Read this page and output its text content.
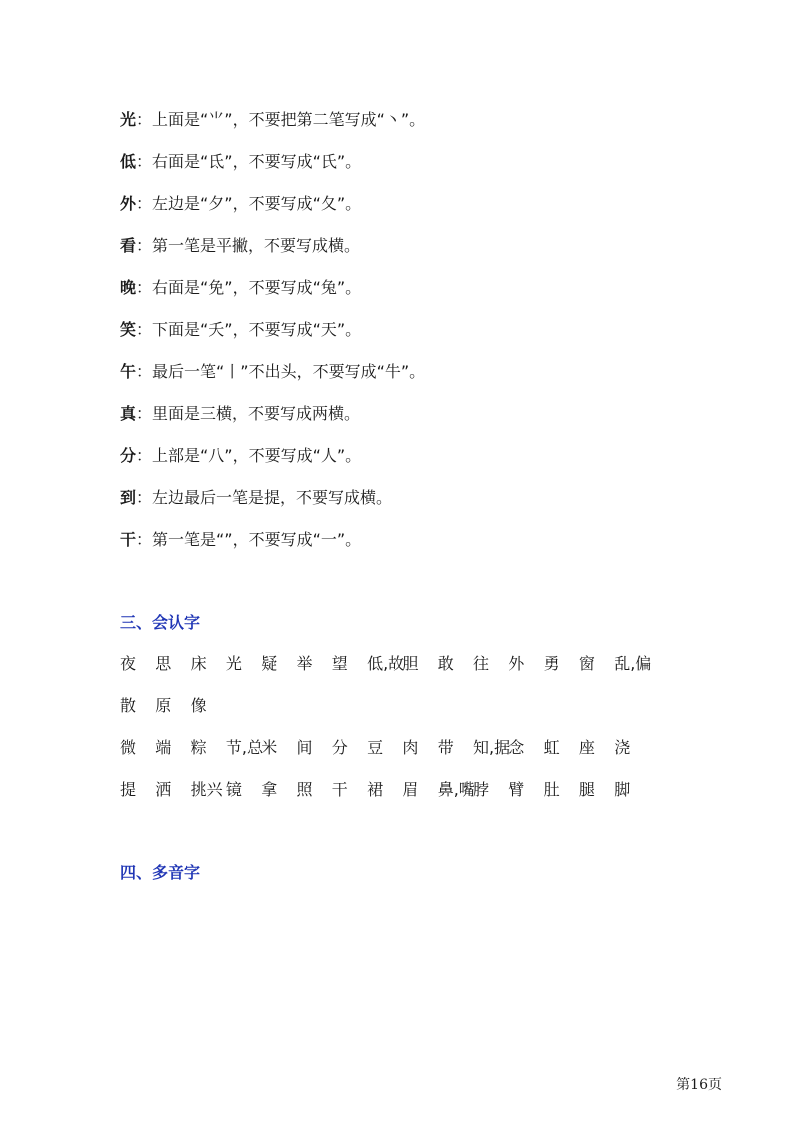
光：上面是“⺌”，不要把第二笔写成“丶”。
低：右面是“氐”，不要写成“氏”。
外：左边是“夕”，不要写成“夂”。
看：第一笔是平撇，不要写成横。
晚：右面是“免”，不要写成“兔”。
笑：下面是“夭”，不要写成“天”。
午：最后一笔“丨”不出头，不要写成“牛”。
真：里面是三横，不要写成两横。
分：上部是“八”，不要写成“人”。
到：左边最后一笔是提，不要写成横。
干：第一笔是“”，不要写成“一”。
三、会认字
夜 思 床 光 疑 举 望 低,故
胆 敢 往 外 勇 窗 乱,偏
散 原 像
微 端 粽 节,总
米 间 分 豆 肉 带 知,据
念 虹 座 浇
提 洒 挑兴 镜 拿 照 干 裙 眉 鼻,嘴
脖 臂 肚 腿 脚
四、多音字
第16页
